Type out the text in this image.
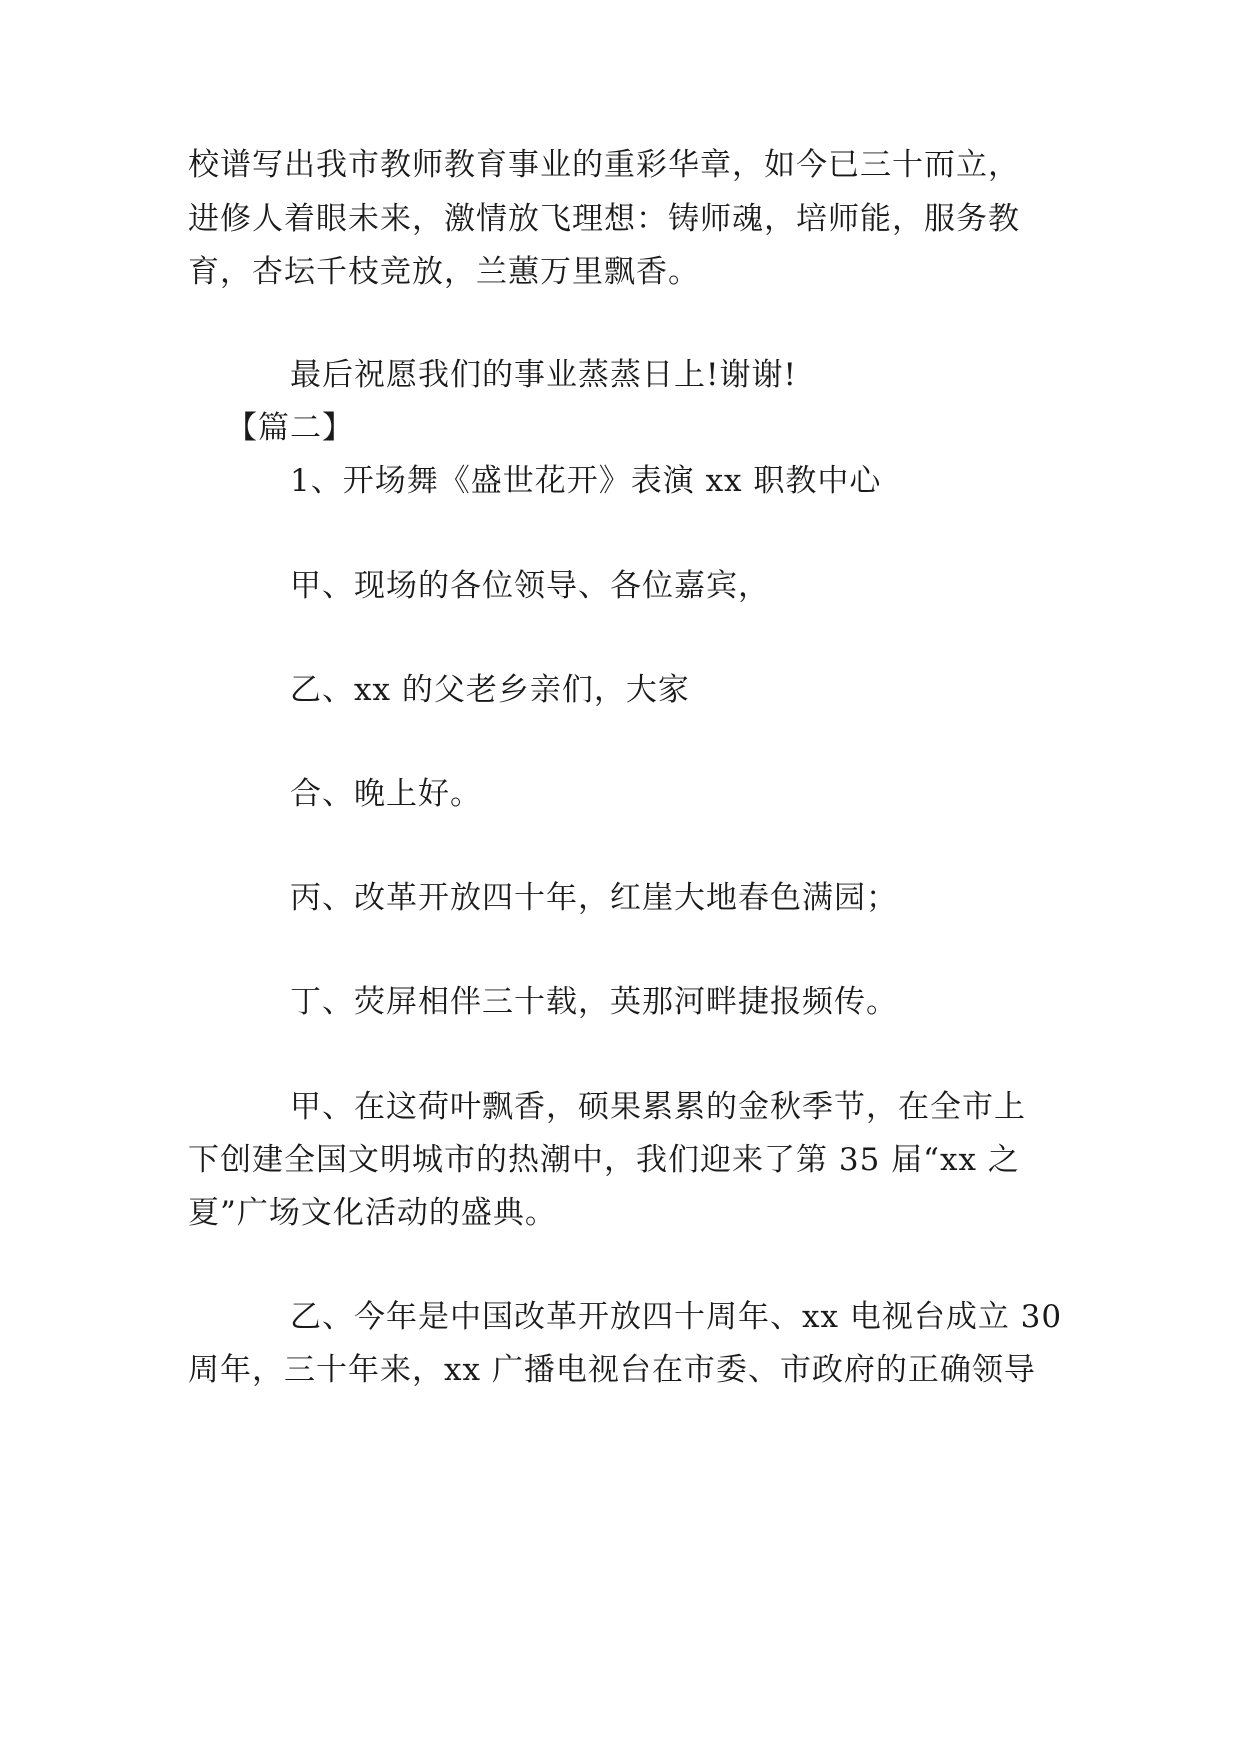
校谱写出我市教师教育事业的重彩华章，如今已三十而立，
进修人着眼未来，激情放飞理想：铸师魂，培师能，服务教
育，杏坛千枝竞放，兰蕙万里飘香。
最后祝愿我们的事业蒸蒸日上!谢谢!
【篇二】
1、开场舞《盛世花开》表演 xx 职教中心
甲、现场的各位领导、各位嘉宾，
乙、xx 的父老乡亲们，大家
合、晚上好。
丙、改革开放四十年，红崖大地春色满园；
丁、荧屏相伴三十载，英那河畔捷报频传。
甲、在这荷叶飘香，硕果累累的金秋季节，在全市上
下创建全国文明城市的热潮中，我们迎来了第 35 届“xx 之
夏”广场文化活动的盛典。
乙、今年是中国改革开放四十周年、xx 电视台成立 30
周年，三十年来，xx 广播电视台在市委、市政府的正确领导
